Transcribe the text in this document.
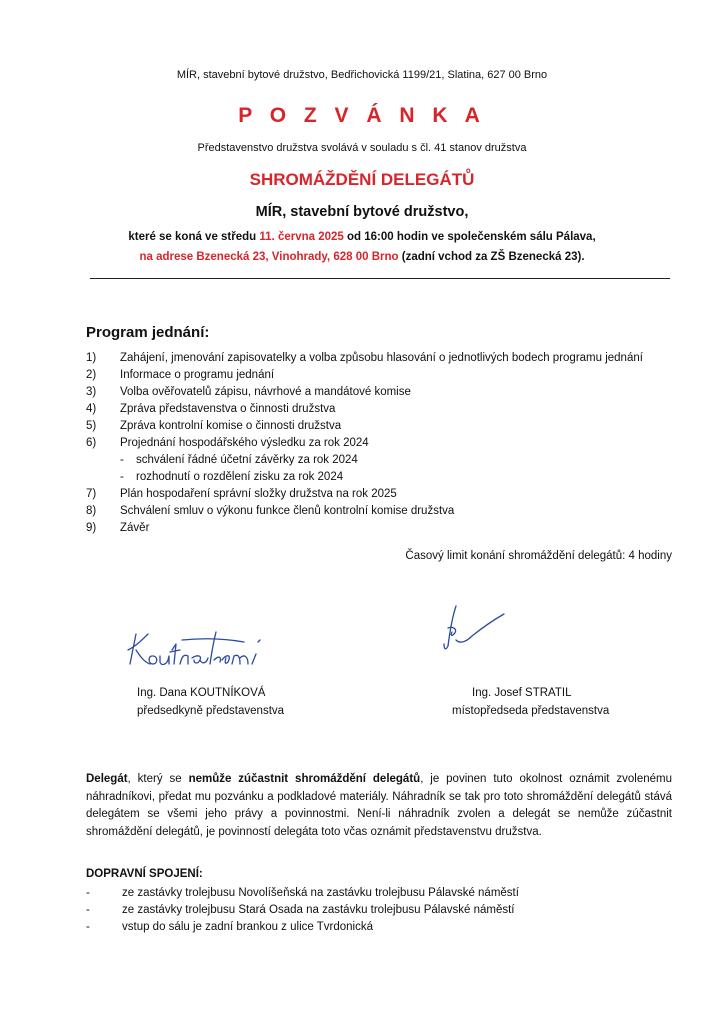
MÍR, stavební bytové družstvo, Bedřichovická 1199/21, Slatina, 627 00 Brno
P O Z V Á N K A
Představenstvo družstva svolává v souladu s čl. 41 stanov družstva
SHROMÁŽDĚNÍ DELEGÁTŮ
MÍR, stavební bytové družstvo,
které se koná ve středu 11. června 2025 od 16:00 hodin ve společenském sálu Pálava,
na adrese Bzenecká 23, Vinohrady, 628 00 Brno (zadní vchod za ZŠ Bzenecká 23).
Program jednání:
1)	Zahájení, jmenování zapisovatelky a volba způsobu hlasování o jednotlivých bodech programu jednání
2)	Informace o programu jednání
3)	Volba ověřovatelů zápisu, návrhové a mandátové komise
4)	Zpráva představenstva o činnosti družstva
5)	Zpráva kontrolní komise o činnosti družstva
6)	Projednání hospodářského výsledku za rok 2024
-	schválení řádné účetní závěrky za rok 2024
-	rozhodnutí o rozdělení zisku za rok 2024
7)	Plán hospodaření správní složky družstva na rok 2025
8)	Schválení smluv o výkonu funkce členů kontrolní komise družstva
9)	Závěr
Časový limit konání shromáždění delegátů: 4 hodiny
Ing. Dana KOUTNÍKOVÁ
předsedkyně představenstva
Ing. Josef STRATIL
místopředseda představenstva
Delegát, který se nemůže zúčastnit shromáždění delegátů, je povinen tuto okolnost oznámit zvolenému náhradníkovi, předat mu pozvánku a podkladové materiály. Náhradník se tak pro toto shromáždění delegátů stává delegátem se všemi jeho právy a povinnostmi. Není-li náhradník zvolen a delegát se nemůže zúčastnit shromáždění delegátů, je povinností delegáta toto včas oznámit představenstvu družstva.
DOPRAVNÍ SPOJENÍ:
-	ze zastávky trolejbusu Novolíšeňská na zastávku trolejbusu Pálavské náměstí
-	ze zastávky trolejbusu Stará Osada na zastávku trolejbusu Pálavské náměstí
-	vstup do sálu je zadní brankou z ulice Tvrdonická
